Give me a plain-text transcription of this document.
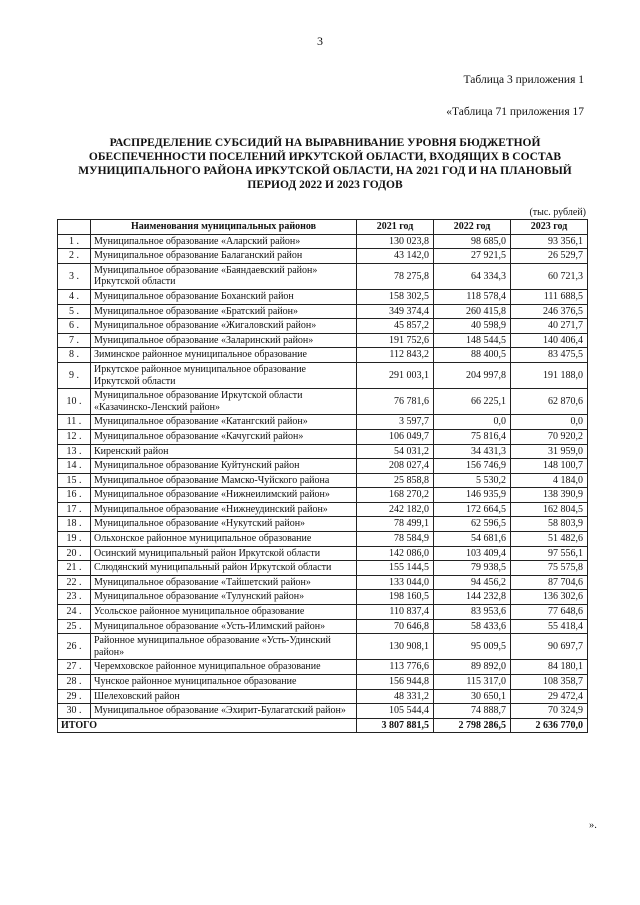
3
Таблица 3 приложения 1
«Таблица 71 приложения 17
РАСПРЕДЕЛЕНИЕ СУБСИДИЙ НА ВЫРАВНИВАНИЕ УРОВНЯ БЮДЖЕТНОЙ
ОБЕСПЕЧЕННОСТИ ПОСЕЛЕНИЙ ИРКУТСКОЙ ОБЛАСТИ, ВХОДЯЩИХ В СОСТАВ
МУНИЦИПАЛЬНОГО РАЙОНА ИРКУТСКОЙ ОБЛАСТИ, НА 2021 ГОД И НА ПЛАНОВЫЙ
ПЕРИОД 2022 И 2023 ГОДОВ
(тыс. рублей)
	Наименования муниципальных районов	2021 год	2022 год	2023 год
1 .	Муниципальное образование «Аларский район»	130 023,8	98 685,0	93 356,1
2 .	Муниципальное образование Балаганский район	43 142,0	27 921,5	26 529,7
3 .	Муниципальное образование «Баяндаевский район» Иркутской области	78 275,8	64 334,3	60 721,3
4 .	Муниципальное образование Боханский район	158 302,5	118 578,4	111 688,5
5 .	Муниципальное образование «Братский район»	349 374,4	260 415,8	246 376,5
6 .	Муниципальное образование «Жигаловский район»	45 857,2	40 598,9	40 271,7
7 .	Муниципальное образование «Заларинский район»	191 752,6	148 544,5	140 406,4
8 .	Зиминское районное муниципальное образование	112 843,2	88 400,5	83 475,5
9 .	Иркутское районное муниципальное образование Иркутской области	291 003,1	204 997,8	191 188,0
10 .	Муниципальное образование Иркутской области «Казачинско-Ленский район»	76 781,6	66 225,1	62 870,6
11 .	Муниципальное образование «Катангский район»	3 597,7	0,0	0,0
12 .	Муниципальное образование «Качугский район»	106 049,7	75 816,4	70 920,2
13 .	Киренский район	54 031,2	34 431,3	31 959,0
14 .	Муниципальное образование Куйтунский район	208 027,4	156 746,9	148 100,7
15 .	Муниципальное образование Мамско-Чуйского района	25 858,8	5 530,2	4 184,0
16 .	Муниципальное образование «Нижнеилимский район»	168 270,2	146 935,9	138 390,9
17 .	Муниципальное образование «Нижнеудинский район»	242 182,0	172 664,5	162 804,5
18 .	Муниципальное образование «Нукутский район»	78 499,1	62 596,5	58 803,9
19 .	Ольхонское районное муниципальное образование	78 584,9	54 681,6	51 482,6
20 .	Осинский муниципальный район Иркутской области	142 086,0	103 409,4	97 556,1
21 .	Слюдянский муниципальный район Иркутской области	155 144,5	79 938,5	75 575,8
22 .	Муниципальное образование «Тайшетский район»	133 044,0	94 456,2	87 704,6
23 .	Муниципальное образование «Тулунский район»	198 160,5	144 232,8	136 302,6
24 .	Усольское районное муниципальное образование	110 837,4	83 953,6	77 648,6
25 .	Муниципальное образование «Усть-Илимский район»	70 646,8	58 433,6	55 418,4
26 .	Районное муниципальное образование «Усть-Удинский район»	130 908,1	95 009,5	90 697,7
27 .	Черемховское районное муниципальное образование	113 776,6	89 892,0	84 180,1
28 .	Чунское районное муниципальное образование	156 944,8	115 317,0	108 358,7
29 .	Шелеховский район	48 331,2	30 650,1	29 472,4
30 .	Муниципальное образование «Эхирит-Булагатский район»	105 544,4	74 888,7	70 324,9
ИТОГО		3 807 881,5	2 798 286,5	2 636 770,0
».
